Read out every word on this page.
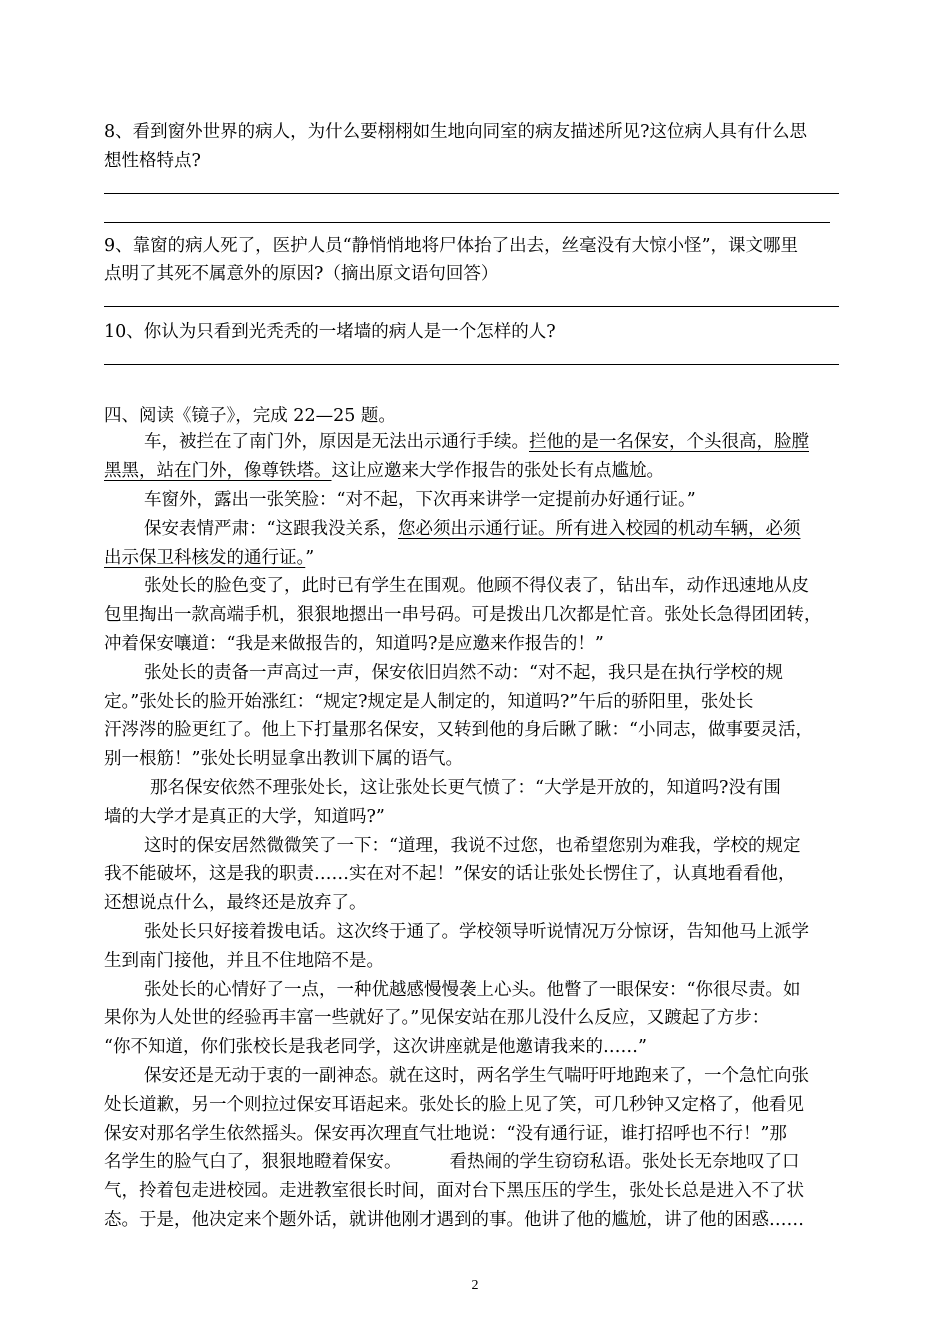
8、看到窗外世界的病人，为什么要栩栩如生地向同室的病友描述所见?这位病人具有什么思
想性格特点?
9、靠窗的病人死了，医护人员“静悄悄地将尸体抬了出去，丝毫没有大惊小怪”，课文哪里
点明了其死不属意外的原因?（摘出原文语句回答）
10、你认为只看到光秃秃的一堵墙的病人是一个怎样的人?
四、阅读《镜子》，完成 22—25 题。
车，被拦在了南门外，原因是无法出示通行手续。拦他的是一名保安，个头很高，脸膛
黑黑，站在门外，像尊铁塔。这让应邀来大学作报告的张处长有点尴尬。
车窗外，露出一张笑脸：“对不起，下次再来讲学一定提前办好通行证。”
保安表情严肃：“这跟我没关系，您必须出示通行证。所有进入校园的机动车辆，必须
出示保卫科核发的通行证。”
张处长的脸色变了，此时已有学生在围观。他顾不得仪表了，钻出车，动作迅速地从皮
包里掏出一款高端手机，狠狠地摁出一串号码。可是拨出几次都是忙音。张处长急得团团转，
冲着保安嚷道：“我是来做报告的，知道吗?是应邀来作报告的！”
张处长的责备一声高过一声，保安依旧岿然不动：“对不起，我只是在执行学校的规
定。”张处长的脸开始涨红：“规定?规定是人制定的，知道吗?”午后的骄阳里，张处长
汗涔涔的脸更红了。他上下打量那名保安，又转到他的身后瞅了瞅：“小同志，做事要灵活，
别一根筋！”张处长明显拿出教训下属的语气。
那名保安依然不理张处长，这让张处长更气愤了：“大学是开放的，知道吗?没有围
墙的大学才是真正的大学，知道吗?”
这时的保安居然微微笑了一下：“道理，我说不过您，也希望您别为难我，学校的规定
我不能破坏，这是我的职责……实在对不起！”保安的话让张处长愣住了，认真地看看他，
还想说点什么，最终还是放弃了。
张处长只好接着拨电话。这次终于通了。学校领导听说情况万分惊讶，告知他马上派学
生到南门接他，并且不住地陪不是。
张处长的心情好了一点，一种优越感慢慢袭上心头。他瞥了一眼保安：“你很尽责。如
果你为人处世的经验再丰富一些就好了。”见保安站在那儿没什么反应，又踱起了方步：
“你不知道，你们张校长是我老同学，这次讲座就是他邀请我来的……”
保安还是无动于衷的一副神态。就在这时，两名学生气喘吁吁地跑来了，一个急忙向张
处长道歉，另一个则拉过保安耳语起来。张处长的脸上见了笑，可几秒钟又定格了，他看见
保安对那名学生依然摇头。保安再次理直气壮地说：“没有通行证，谁打招呼也不行！”那
名学生的脸气白了，狠狠地瞪着保安。	看热闹的学生窃窃私语。张处长无奈地叹了口
气，拎着包走进校园。走进教室很长时间，面对台下黑压压的学生，张处长总是进入不了状
态。于是，他决定来个题外话，就讲他刚才遇到的事。他讲了他的尴尬，讲了他的困惑……
2
